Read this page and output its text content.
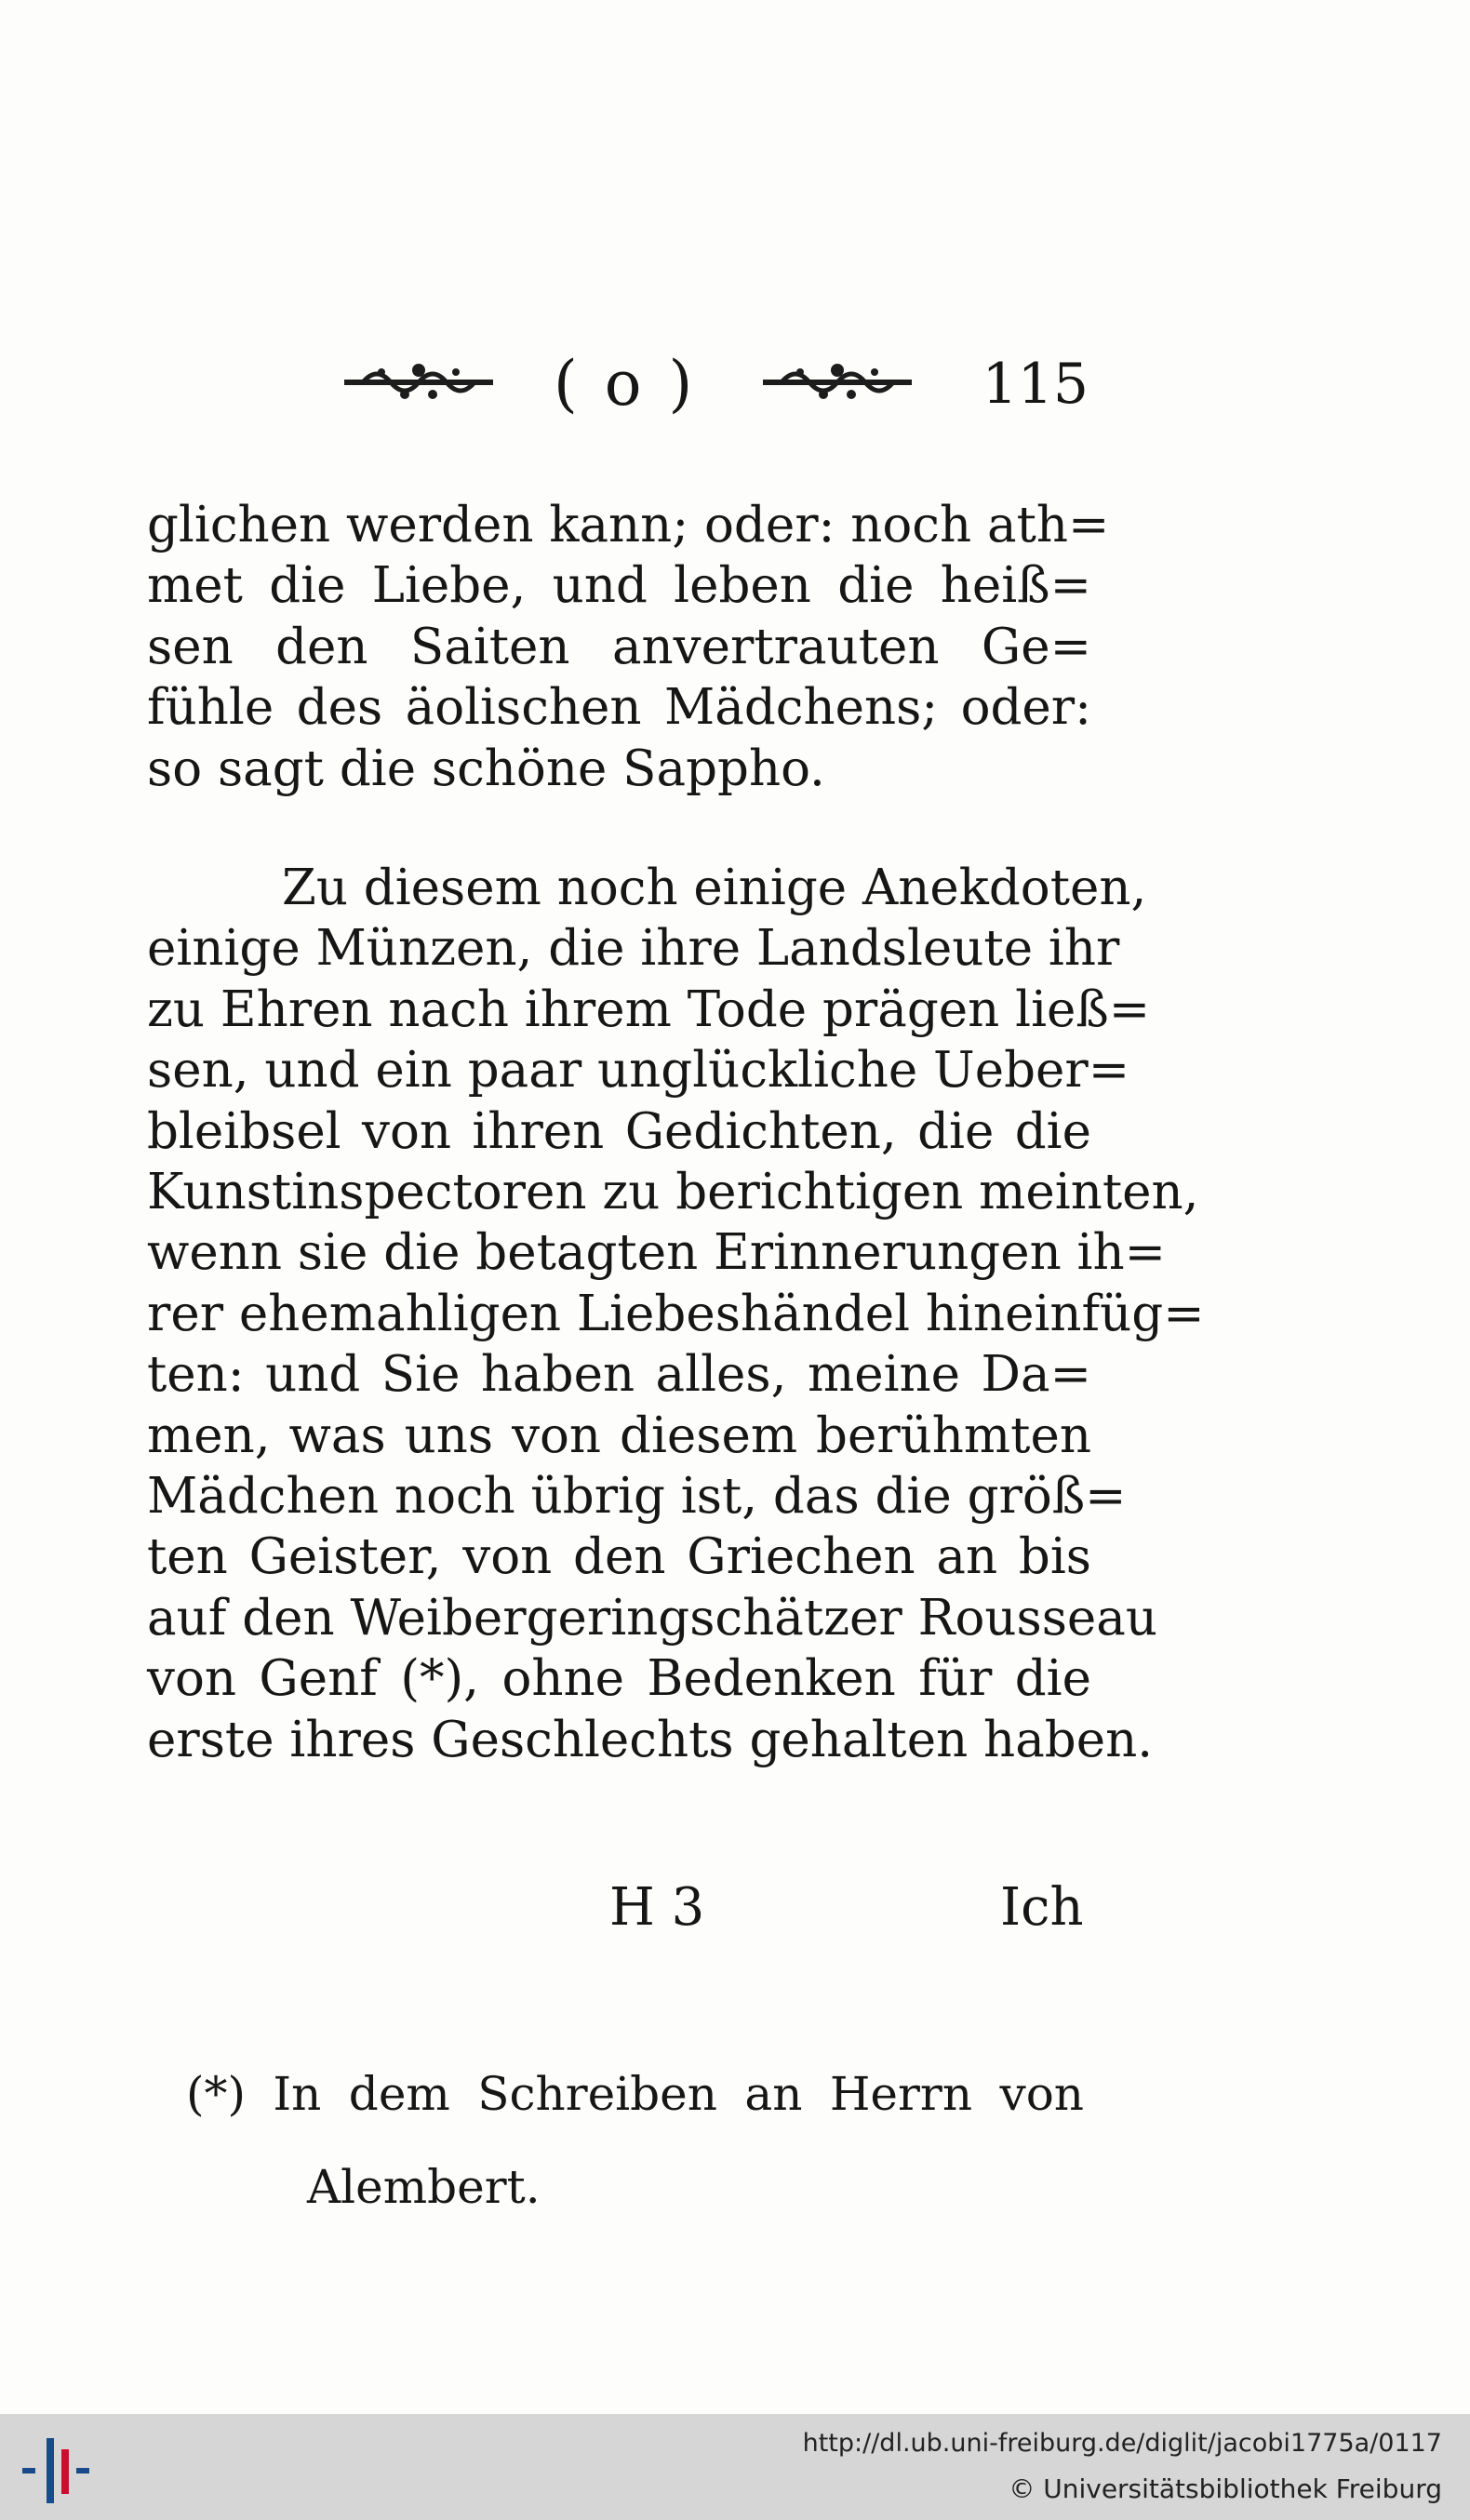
( o )	115

glichen werden kann; oder: noch ath=
met die Liebe, und leben die heiß=
sen den Saiten anvertrauten Ge=
fühle des äolischen Mädchens; oder:
so sagt die schöne Sappho.

Zu diesem noch einige Anekdoten,
einige Münzen, die ihre Landsleute ihr
zu Ehren nach ihrem Tode prägen ließ=
sen, und ein paar unglückliche Ueber=
bleibsel von ihren Gedichten, die die
Kunstinspectoren zu berichtigen meinten,
wenn sie die betagten Erinnerungen ih=
rer ehemahligen Liebeshändel hineinfüg=
ten: und Sie haben alles, meine Da=
men, was uns von diesem berühmten
Mädchen noch übrig ist, das die größ=
ten Geister, von den Griechen an bis
auf den Weibergeringschätzer Rousseau
von Genf (*), ohne Bedenken für die
erste ihres Geschlechts gehalten haben.

H 3	Ich
(*) In dem Schreiben an Herrn von
Alembert.
http://dl.ub.uni-freiburg.de/diglit/jacobi1775a/0117
© Universitätsbibliothek Freiburg
